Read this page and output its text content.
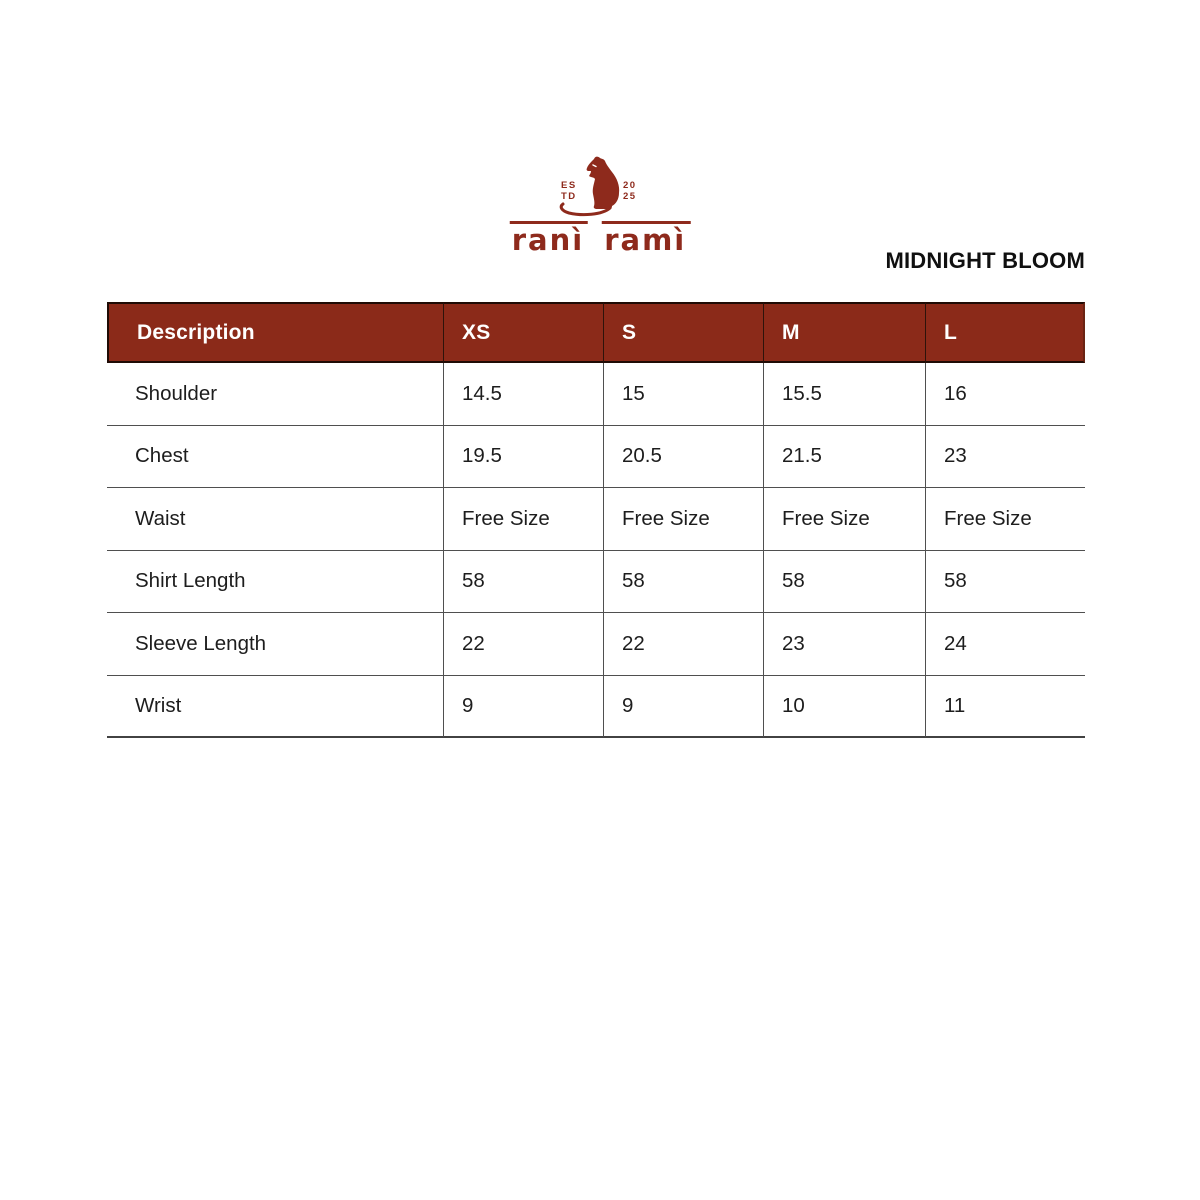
ES
TD
20
25
ranì ramì
MIDNIGHT BLOOM
Description	XS	S	M	L
Shoulder	14.5	15	15.5	16
Chest	19.5	20.5	21.5	23
Waist	Free Size	Free Size	Free Size	Free Size
Shirt Length	58	58	58	58
Sleeve Length	22	22	23	24
Wrist	9	9	10	11
